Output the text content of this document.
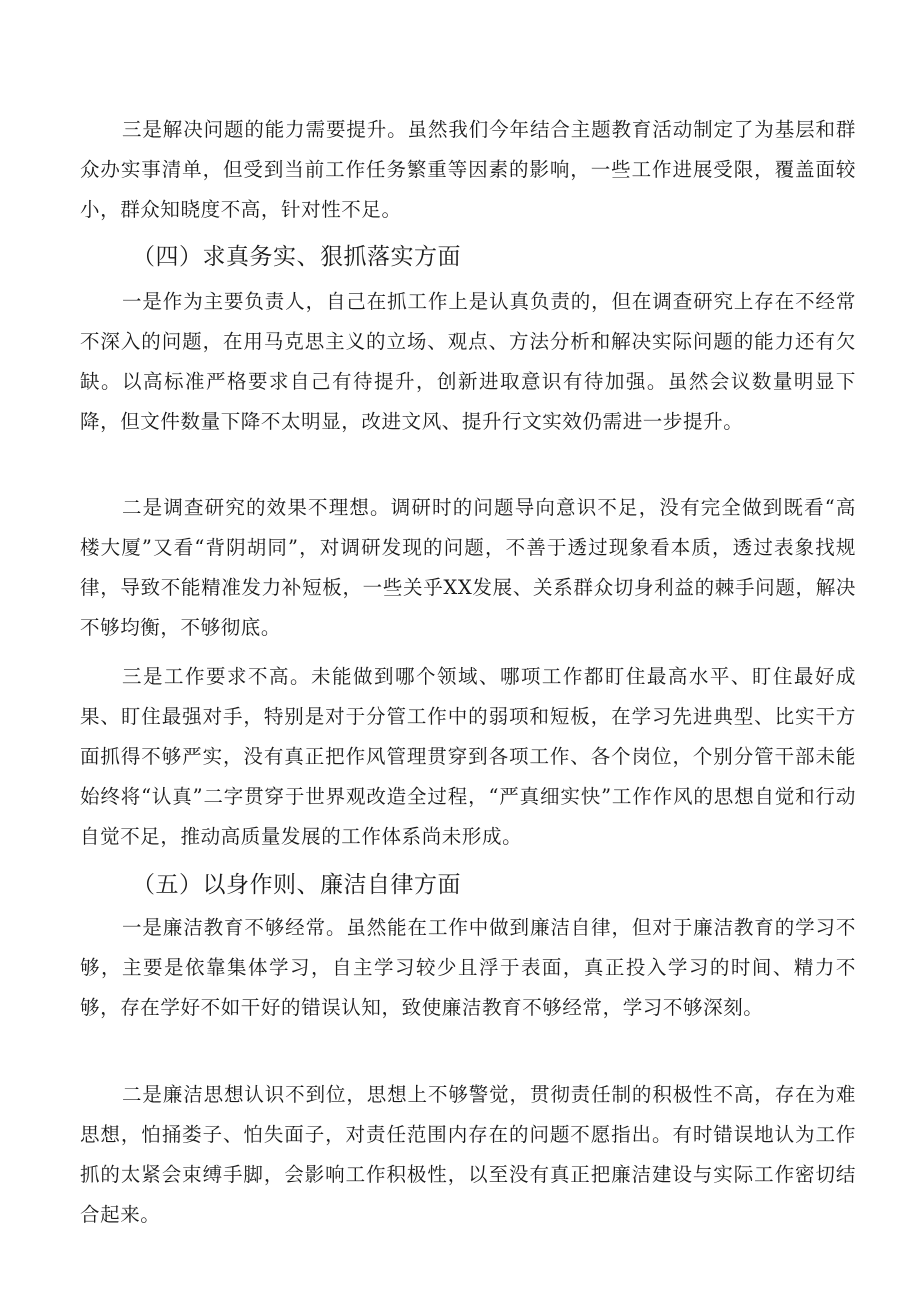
三是解决问题的能力需要提升。虽然我们今年结合主题教育活动制定了为基层和群众办实事清单，但受到当前工作任务繁重等因素的影响，一些工作进展受限，覆盖面较小，群众知晓度不高，针对性不足。

（四）求真务实、狠抓落实方面

一是作为主要负责人，自己在抓工作上是认真负责的，但在调查研究上存在不经常不深入的问题，在用马克思主义的立场、观点、方法分析和解决实际问题的能力还有欠缺。以高标准严格要求自己有待提升，创新进取意识有待加强。虽然会议数量明显下降，但文件数量下降不太明显，改进文风、提升行文实效仍需进一步提升。

二是调查研究的效果不理想。调研时的问题导向意识不足，没有完全做到既看“高楼大厦”又看“背阴胡同”，对调研发现的问题，不善于透过现象看本质，透过表象找规律，导致不能精准发力补短板，一些关乎XX发展、关系群众切身利益的棘手问题，解决不够均衡，不够彻底。

三是工作要求不高。未能做到哪个领域、哪项工作都盯住最高水平、盯住最好成果、盯住最强对手，特别是对于分管工作中的弱项和短板，在学习先进典型、比实干方面抓得不够严实，没有真正把作风管理贯穿到各项工作、各个岗位，个别分管干部未能始终将“认真”二字贯穿于世界观改造全过程，“严真细实快”工作作风的思想自觉和行动自觉不足，推动高质量发展的工作体系尚未形成。

（五）以身作则、廉洁自律方面

一是廉洁教育不够经常。虽然能在工作中做到廉洁自律，但对于廉洁教育的学习不够，主要是依靠集体学习，自主学习较少且浮于表面，真正投入学习的时间、精力不够，存在学好不如干好的错误认知，致使廉洁教育不够经常，学习不够深刻。

二是廉洁思想认识不到位，思想上不够警觉，贯彻责任制的积极性不高，存在为难思想，怕捅娄子、怕失面子，对责任范围内存在的问题不愿指出。有时错误地认为工作抓的太紧会束缚手脚，会影响工作积极性，以至没有真正把廉洁建设与实际工作密切结合起来。
